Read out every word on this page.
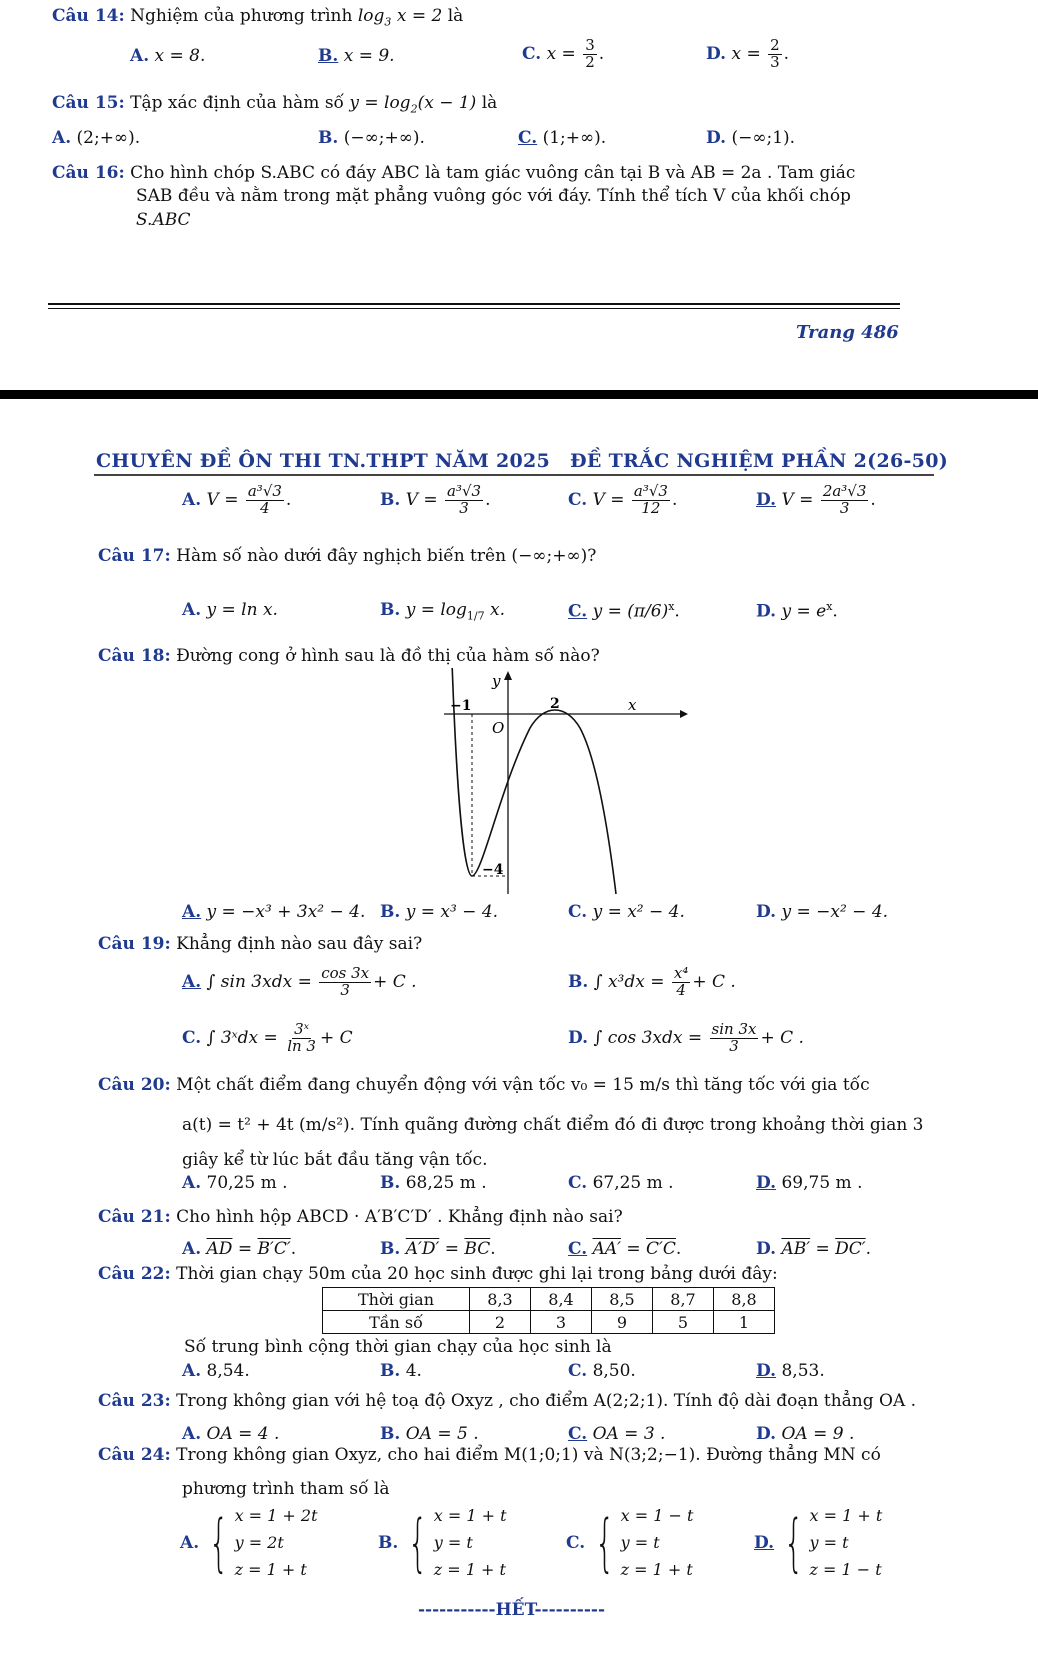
Câu 14: Nghiệm của phương trình $\log_3 x = 2$ là
A. x = 8.	B. x = 9.	C. $x = \frac{3}{2}$ .	D. $x = \frac{2}{3}$ .
Câu 15: Tập xác định của hàm số $y = \log_2(x - 1)$ là
A. (2;+∞).	B. (−∞;+∞).	C. (1;+∞).	D. (−∞;1).
Câu 16: Cho hình chóp S.ABC có đáy ABC là tam giác vuông cân tại B và AB = 2a . Tam giác
SAB đều và nằm trong mặt phẳng vuông góc với đáy. Tính thể tích V của khối chóp
S.ABC
Trang 486
CHUYÊN ĐỀ ÔN THI TN.THPT NĂM 2025 ĐỀ TRẮC NGHIỆM PHẦN 2(26-50)
A. $V = \frac{\text{a³√3}}{4}$ .	B. $V = \frac{\text{a³√3}}{3}$ .	C. $V = \frac{\text{a³√3}}{12}$ .	D. $V = \frac{\text{2a³√3}}{3}$ .
Câu 17: Hàm số nào dưới đây nghịch biến trên (−∞;+∞)?
A. y = ln x.	B. $y = \log_{1/7} x$.	C. $y = (\pi/6)^x$.	D. $y = e^x$.
Câu 18: Đường cong ở hình sau là đồ thị của hàm số nào?
y
x
O
−1	2
−4
A. y = −x³ + 3x² − 4. B. y = x³ − 4.	C. y = x² − 4.	D. y = −x² − 4.
Câu 19: Khẳng định nào sau đây sai?
A. ∫ $\sin 3xdx = \frac{\cos 3x}{3} + C$ .	B. ∫ $x^3dx = \frac{\text{x⁴}}{4} + C$ .
C. ∫ 3ˣdx = $\frac{\text{3ˣ}}{\ln 3} + C$	D. ∫ $\cos 3xdx = \frac{\sin 3x}{3} + C$ .
Câu 20: Một chất điểm đang chuyển động với vận tốc v₀ = 15 m/s thì tăng tốc với gia tốc
a(t) = t² + 4t (m/s²). Tính quãng đường chất điểm đó đi được trong khoảng thời gian 3
giây kể từ lúc bắt đầu tăng vận tốc.
A. 70,25 m .	B. 68,25 m .	C. 67,25 m .	D. 69,75 m .
Câu 21: Cho hình hộp ABCD · A′B′C′D′ . Khẳng định nào sai?
A. $\overline{AD} = B'C'$.	B. $A'D' = \overline{BC}$.	C. AA′ = C′C.	D. AB′ = DC′.
Câu 22: Thời gian chạy 50m của 20 học sinh được ghi lại trong bảng dưới đây:
Thời gian	8,3	8,4	8,5	8,7	8,8
Tần số	2	3	9	5	1
Số trung bình cộng thời gian chạy của học sinh là
A. 8,54.	B. 4.	C. 8,50.	D. 8,53.
Câu 23: Trong không gian với hệ toạ độ Oxyz , cho điểm A(2;2;1). Tính độ dài đoạn thẳng OA .
A. OA = 4 .	B. OA = 5 .	C. OA = 3 .	D. OA = 9 .
Câu 24: Trong không gian Oxyz, cho hai điểm M(1;0;1) và N(3;2;−1). Đường thẳng MN có
phương trình tham số là
A. { x = 1 + 2t
y = 2t
z = 1 + t
B. { x = 1 + t
y = t
z = 1 + t
C. { x = 1 − t
y = t
z = 1 + t
D. { x = 1 + t
y = t
z = 1 − t
-----------HẾT----------
